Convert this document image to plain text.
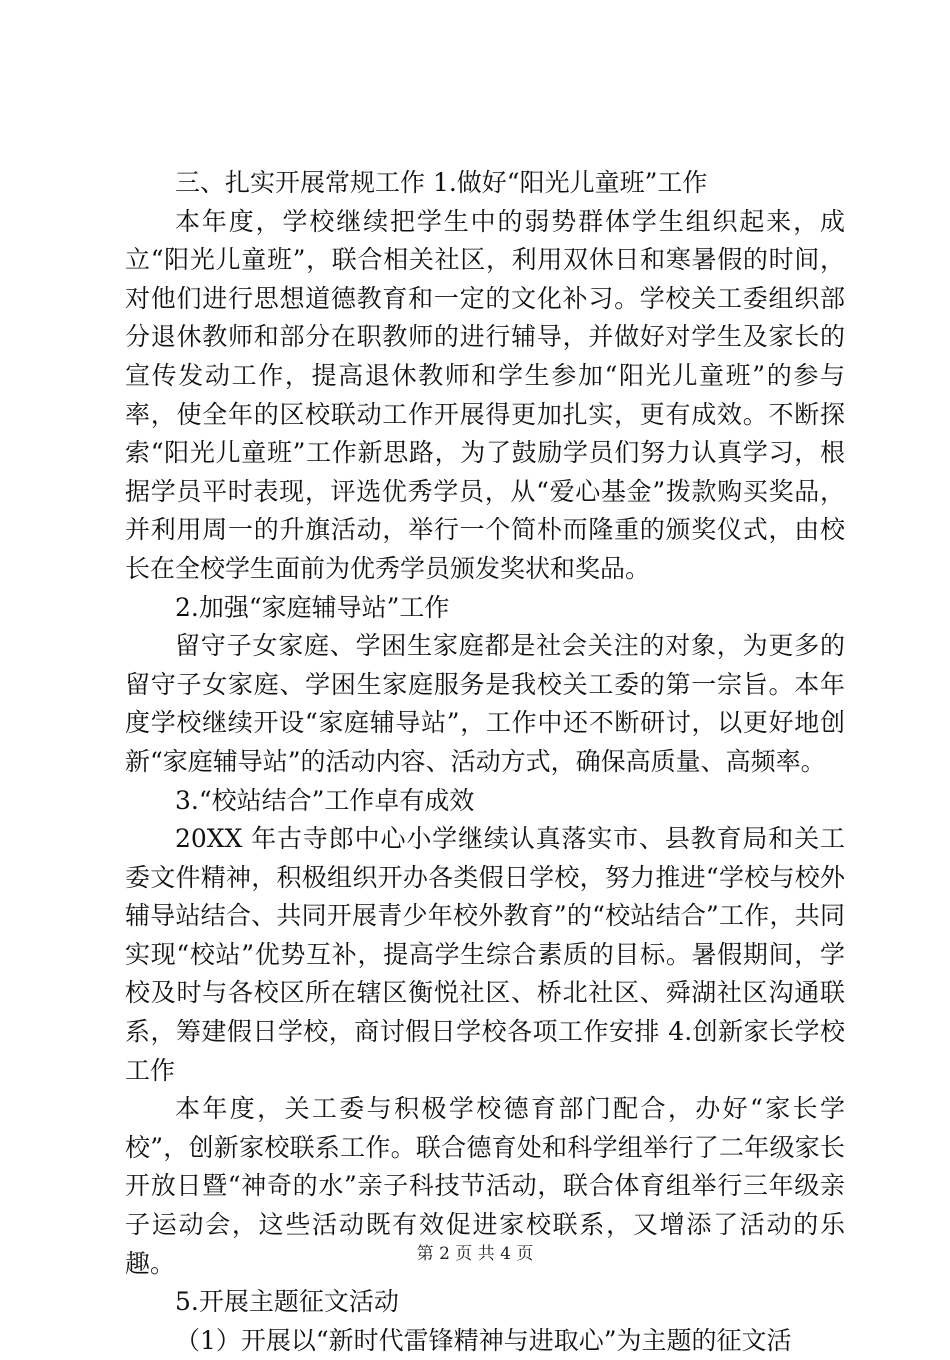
三、扎实开展常规工作 1.做好“阳光儿童班”工作

本年度，学校继续把学生中的弱势群体学生组织起来，成立“阳光儿童班”，联合相关社区，利用双休日和寒暑假的时间，对他们进行思想道德教育和一定的文化补习。学校关工委组织部分退休教师和部分在职教师的进行辅导，并做好对学生及家长的宣传发动工作，提高退休教师和学生参加“阳光儿童班”的参与率，使全年的区校联动工作开展得更加扎实，更有成效。不断探索“阳光儿童班”工作新思路，为了鼓励学员们努力认真学习，根据学员平时表现，评选优秀学员，从“爱心基金”拨款购买奖品，并利用周一的升旗活动，举行一个简朴而隆重的颁奖仪式，由校长在全校学生面前为优秀学员颁发奖状和奖品。

2.加强“家庭辅导站”工作

留守子女家庭、学困生家庭都是社会关注的对象，为更多的留守子女家庭、学困生家庭服务是我校关工委的第一宗旨。本年度学校继续开设“家庭辅导站”，工作中还不断研讨，以更好地创新“家庭辅导站”的活动内容、活动方式，确保高质量、高频率。

3.“校站结合”工作卓有成效

20XX 年古寺郎中心小学继续认真落实市、县教育局和关工委文件精神，积极组织开办各类假日学校，努力推进“学校与校外辅导站结合、共同开展青少年校外教育”的“校站结合”工作，共同实现“校站”优势互补，提高学生综合素质的目标。暑假期间，学校及时与各校区所在辖区衡悦社区、桥北社区、舜湖社区沟通联系，筹建假日学校，商讨假日学校各项工作安排 4.创新家长学校工作

本年度，关工委与积极学校德育部门配合，办好“家长学校”，创新家校联系工作。联合德育处和科学组举行了二年级家长开放日暨“神奇的水”亲子科技节活动，联合体育组举行三年级亲子运动会，这些活动既有效促进家校联系，又增添了活动的乐趣。

5.开展主题征文活动

（1）开展以“新时代雷锋精神与进取心”为主题的征文活

第 2 页 共 4 页
